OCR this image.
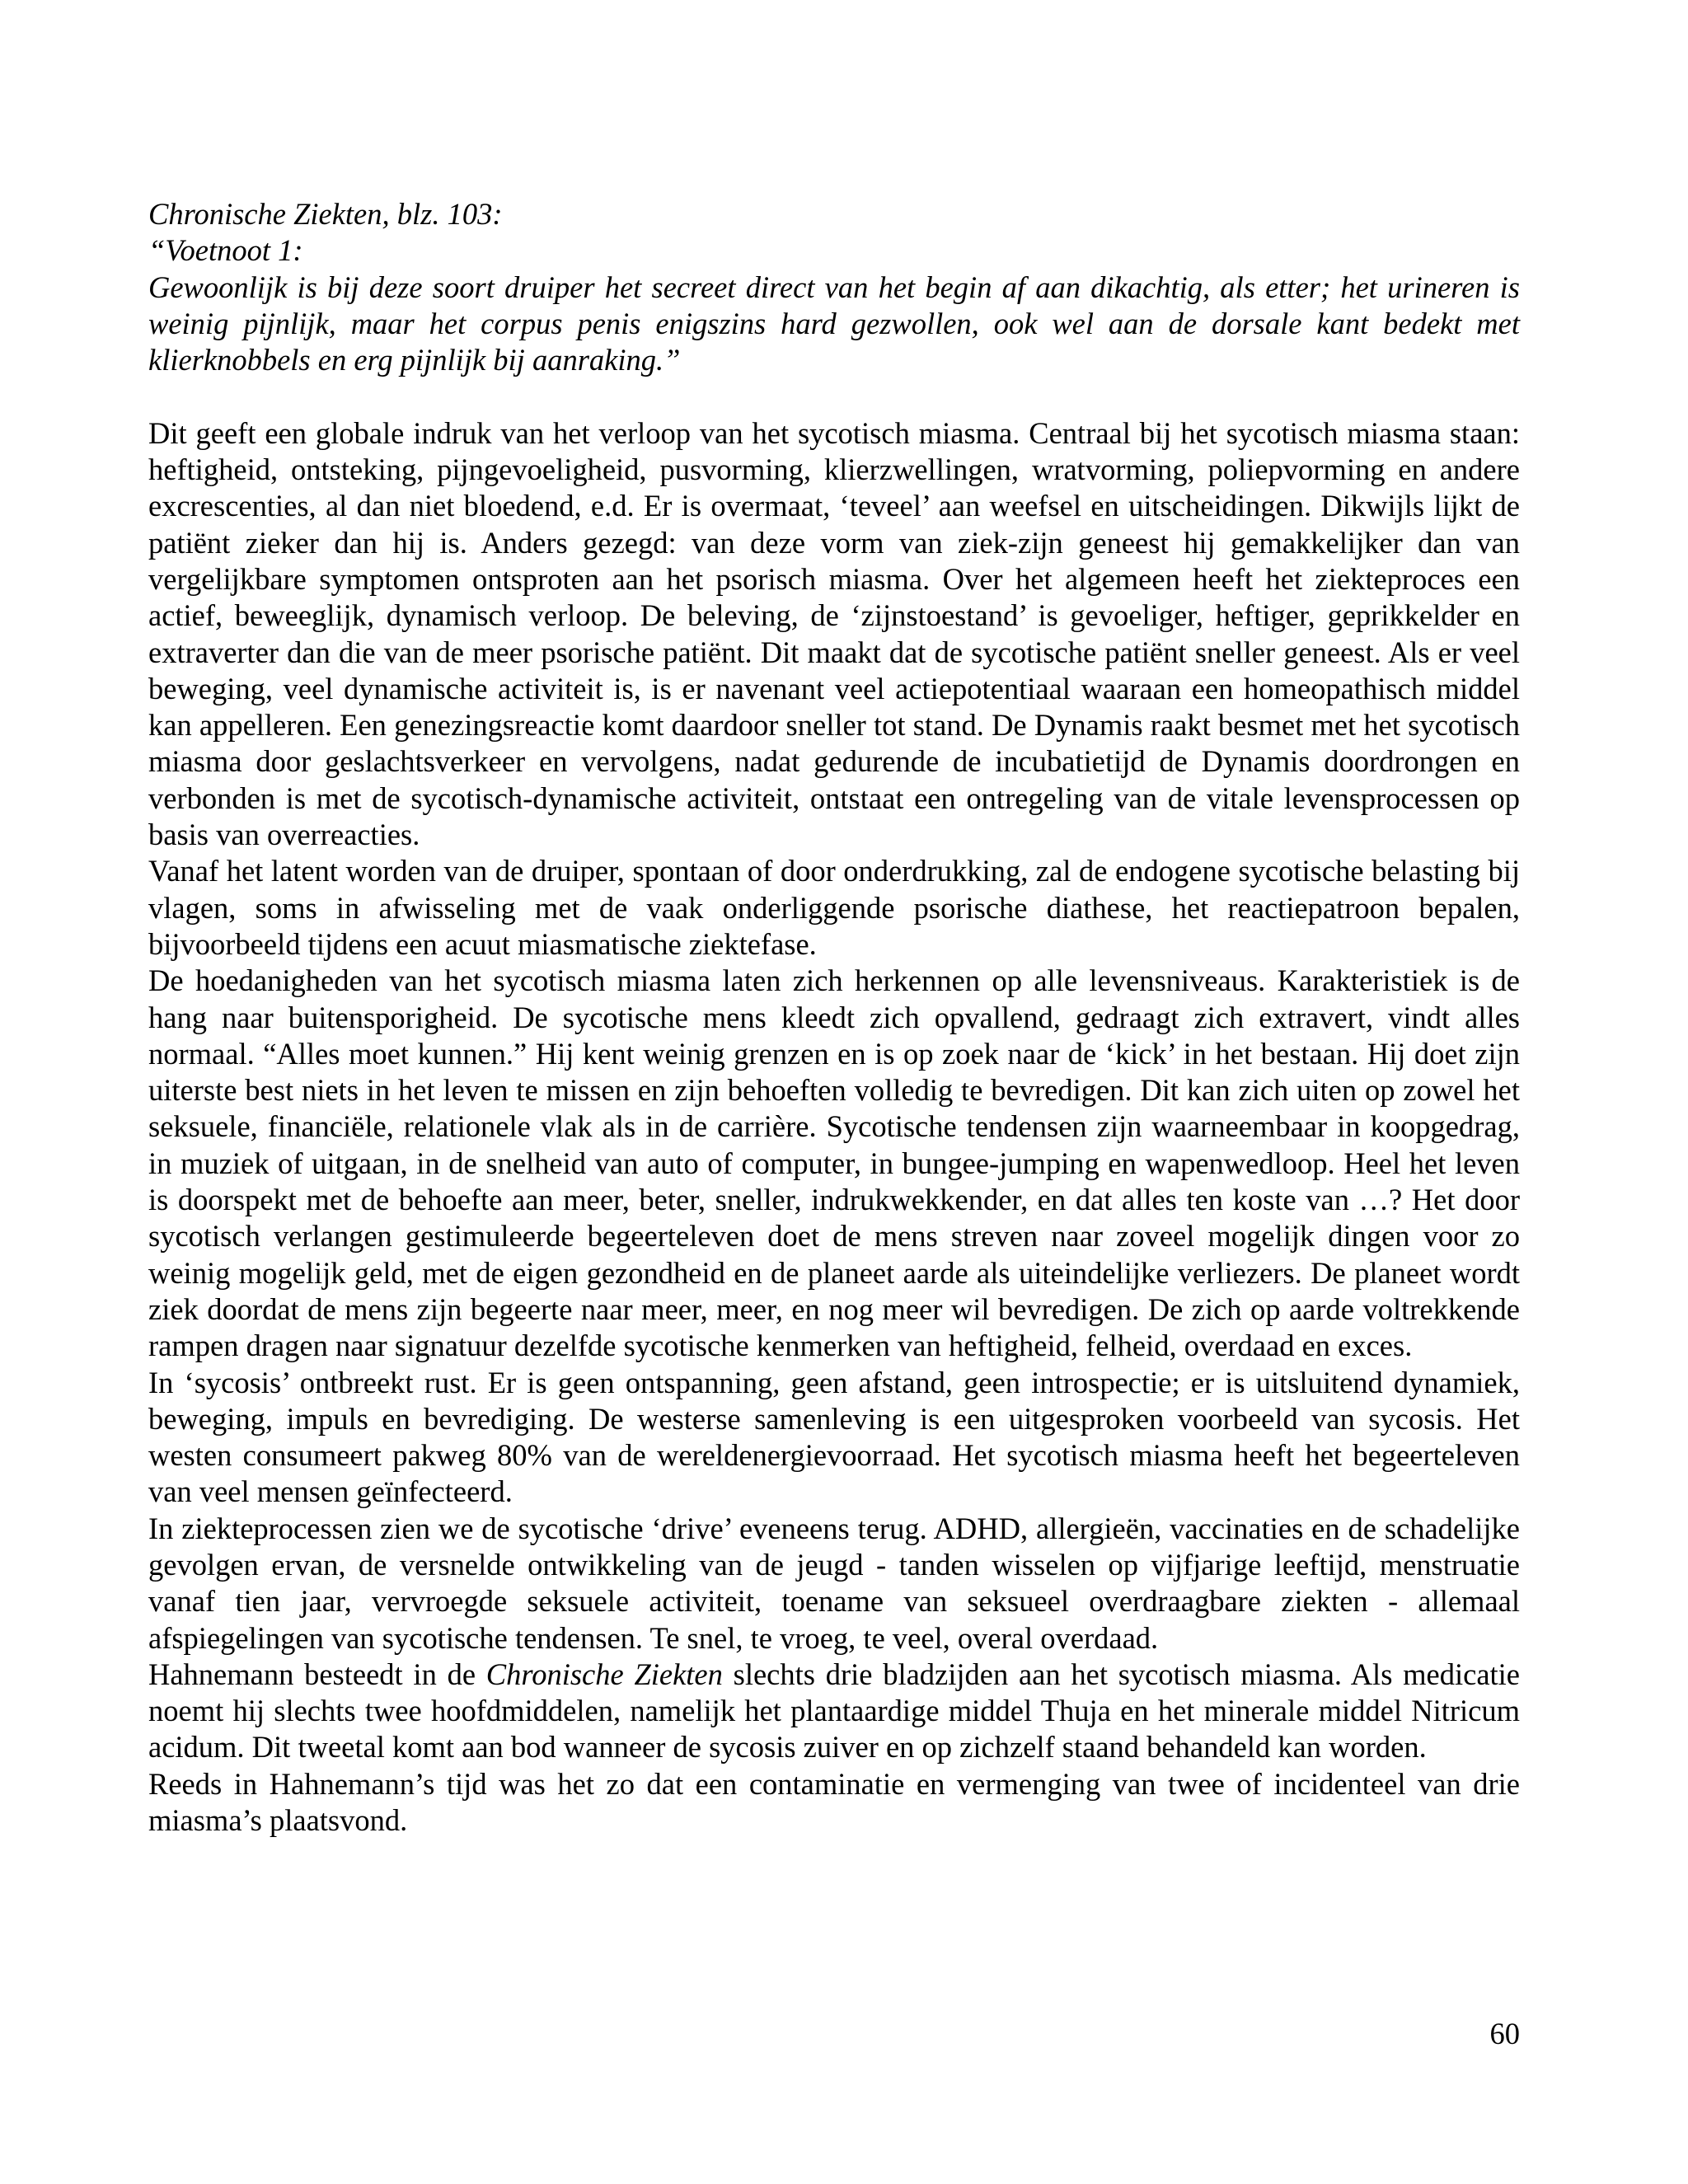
Chronische Ziekten, blz. 103:

“Voetnoot 1:

Gewoonlijk is bij deze soort druiper het secreet direct van het begin af aan dikachtig, als etter; het urineren is weinig pijnlijk, maar het corpus penis enigszins hard gezwollen, ook wel aan de dorsale kant bedekt met klierknobbels en erg pijnlijk bij aanraking.”

Dit geeft een globale indruk van het verloop van het sycotisch miasma. Centraal bij het sycotisch miasma staan: heftigheid, ontsteking, pijngevoeligheid, pusvorming, klierzwellingen, wratvorming, poliepvorming en andere excrescenties, al dan niet bloedend, e.d. Er is overmaat, ‘teveel’ aan weefsel en uitscheidingen. Dikwijls lijkt de patiënt zieker dan hij is. Anders gezegd: van deze vorm van ziek-zijn geneest hij gemakkelijker dan van vergelijkbare symptomen ontsproten aan het psorisch miasma. Over het algemeen heeft het ziekteproces een actief, beweeglijk, dynamisch verloop. De beleving, de ‘zijnstoestand’ is gevoeliger, heftiger, geprikkelder en extraverter dan die van de meer psorische patiënt. Dit maakt dat de sycotische patiënt sneller geneest. Als er veel beweging, veel dynamische activiteit is, is er navenant veel actiepotentiaal waaraan een homeopathisch middel kan appelleren. Een genezingsreactie komt daardoor sneller tot stand. De Dynamis raakt besmet met het sycotisch miasma door geslachtsverkeer en vervolgens, nadat gedurende de incubatietijd de Dynamis doordrongen en verbonden is met de sycotisch-dynamische activiteit, ontstaat een ontregeling van de vitale levensprocessen op basis van overreacties.

Vanaf het latent worden van de druiper, spontaan of door onderdrukking, zal de endogene sycotische belasting bij vlagen, soms in afwisseling met de vaak onderliggende psorische diathese, het reactiepatroon bepalen, bijvoorbeeld tijdens een acuut miasmatische ziektefase.

De hoedanigheden van het sycotisch miasma laten zich herkennen op alle levensniveaus. Karakteristiek is de hang naar buitensporigheid. De sycotische mens kleedt zich opvallend, gedraagt zich extravert, vindt alles normaal. “Alles moet kunnen.” Hij kent weinig grenzen en is op zoek naar de ‘kick’ in het bestaan. Hij doet zijn uiterste best niets in het leven te missen en zijn behoeften volledig te bevredigen. Dit kan zich uiten op zowel het seksuele, financiële, relationele vlak als in de carrière. Sycotische tendensen zijn waarneembaar in koopgedrag, in muziek of uitgaan, in de snelheid van auto of computer, in bungee-jumping en wapenwedloop. Heel het leven is doorspekt met de behoefte aan meer, beter, sneller, indrukwekkender, en dat alles ten koste van …? Het door sycotisch verlangen gestimuleerde begeerteleven doet de mens streven naar zoveel mogelijk dingen voor zo weinig mogelijk geld, met de eigen gezondheid en de planeet aarde als uiteindelijke verliezers. De planeet wordt ziek doordat de mens zijn begeerte naar meer, meer, en nog meer wil bevredigen. De zich op aarde voltrekkende rampen dragen naar signatuur dezelfde sycotische kenmerken van heftigheid, felheid, overdaad en exces.

In ‘sycosis’ ontbreekt rust. Er is geen ontspanning, geen afstand, geen introspectie; er is uitsluitend dynamiek, beweging, impuls en bevrediging. De westerse samenleving is een uitgesproken voorbeeld van sycosis. Het westen consumeert pakweg 80% van de wereldenergievoorraad. Het sycotisch miasma heeft het begeerteleven van veel mensen geïnfecteerd.

In ziekteprocessen zien we de sycotische ‘drive’ eveneens terug. ADHD, allergieën, vaccinaties en de schadelijke gevolgen ervan, de versnelde ontwikkeling van de jeugd - tanden wisselen op vijfjarige leeftijd, menstruatie vanaf tien jaar, vervroegde seksuele activiteit, toename van seksueel overdraagbare ziekten - allemaal afspiegelingen van sycotische tendensen. Te snel, te vroeg, te veel, overal overdaad.

Hahnemann besteedt in de Chronische Ziekten slechts drie bladzijden aan het sycotisch miasma. Als medicatie noemt hij slechts twee hoofdmiddelen, namelijk het plantaardige middel Thuja en het minerale middel Nitricum acidum. Dit tweetal komt aan bod wanneer de sycosis zuiver en op zichzelf staand behandeld kan worden.

Reeds in Hahnemann’s tijd was het zo dat een contaminatie en vermenging van twee of incidenteel van drie miasma’s plaatsvond.

60
